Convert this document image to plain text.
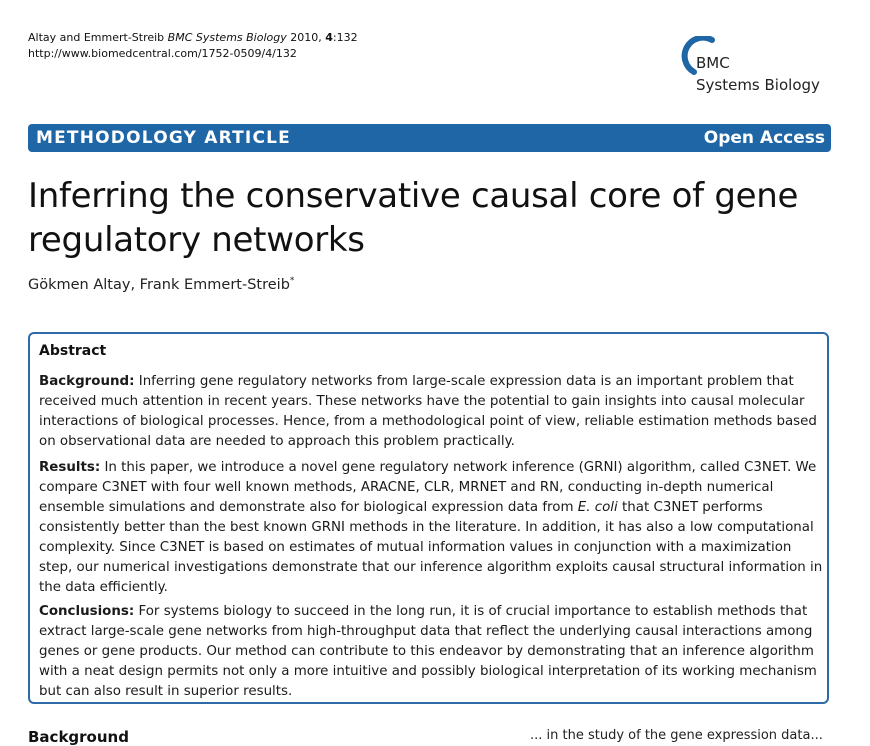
Altay and Emmert-Streib BMC Systems Biology 2010, 4:132
http://www.biomedcentral.com/1752-0509/4/132
BMC
Systems Biology
METHODOLOGY ARTICLE	Open Access
Inferring the conservative causal core of gene regulatory networks
Gökmen Altay, Frank Emmert-Streib*
Abstract
Background: Inferring gene regulatory networks from large-scale expression data is an important problem that received much attention in recent years. These networks have the potential to gain insights into causal molecular interactions of biological processes. Hence, from a methodological point of view, reliable estimation methods based on observational data are needed to approach this problem practically.
Results: In this paper, we introduce a novel gene regulatory network inference (GRNI) algorithm, called C3NET. We compare C3NET with four well known methods, ARACNE, CLR, MRNET and RN, conducting in-depth numerical ensemble simulations and demonstrate also for biological expression data from E. coli that C3NET performs consistently better than the best known GRNI methods in the literature. In addition, it has also a low computational complexity. Since C3NET is based on estimates of mutual information values in conjunction with a maximization step, our numerical investigations demonstrate that our inference algorithm exploits causal structural information in the data efficiently.
Conclusions: For systems biology to succeed in the long run, it is of crucial importance to establish methods that extract large-scale gene networks from high-throughput data that reflect the underlying causal interactions among genes or gene products. Our method can contribute to this endeavor by demonstrating that an inference algorithm with a neat design permits not only a more intuitive and possibly biological interpretation of its working mechanism but can also result in superior results.
Background	... in the study of the gene expression data...
